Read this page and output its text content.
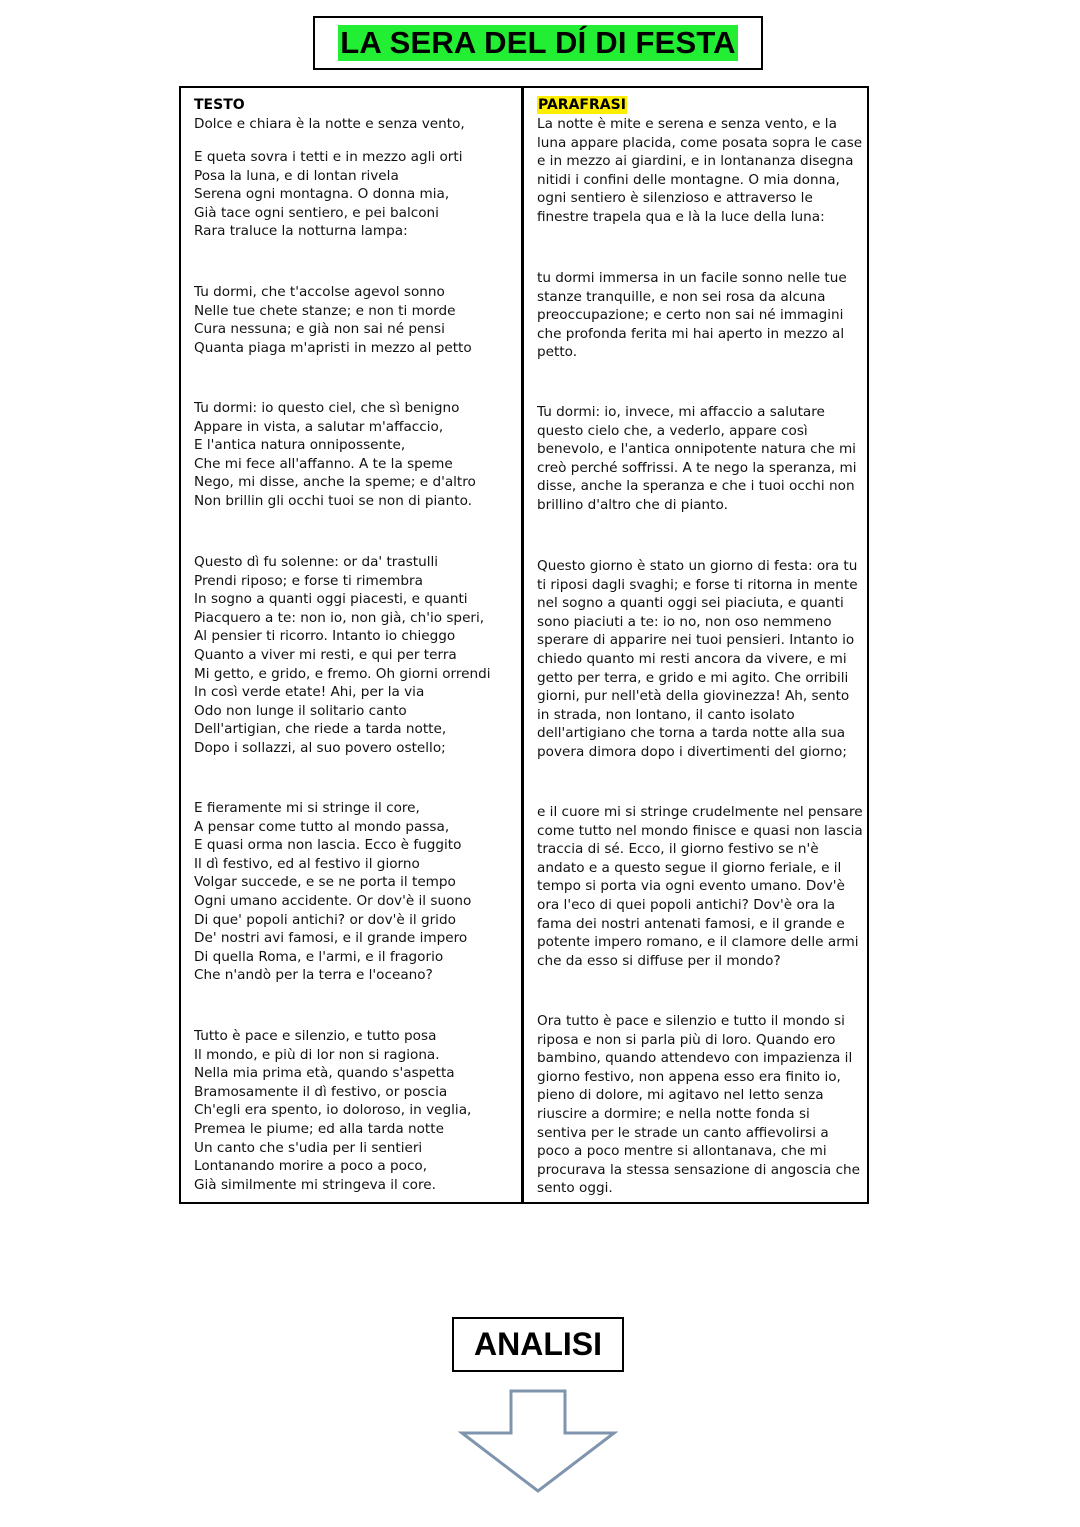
LA SERA DEL DÍ DI FESTA
TESTO
Dolce e chiara è la notte e senza vento,
E queta sovra i tetti e in mezzo agli orti
Posa la luna, e di lontan rivela
Serena ogni montagna. O donna mia,
Già tace ogni sentiero, e pei balconi
Rara traluce la notturna lampa:
Tu dormi, che t'accolse agevol sonno
Nelle tue chete stanze; e non ti morde
Cura nessuna; e già non sai né pensi
Quanta piaga m'apristi in mezzo al petto
Tu dormi: io questo ciel, che sì benigno
Appare in vista, a salutar m'affaccio,
E l'antica natura onnipossente,
Che mi fece all'affanno. A te la speme
Nego, mi disse, anche la speme; e d'altro
Non brillin gli occhi tuoi se non di pianto.
Questo dì fu solenne: or da' trastulli
Prendi riposo; e forse ti rimembra
In sogno a quanti oggi piacesti, e quanti
Piacquero a te: non io, non già, ch'io speri,
Al pensier ti ricorro. Intanto io chieggo
Quanto a viver mi resti, e qui per terra
Mi getto, e grido, e fremo. Oh giorni orrendi
In così verde etate! Ahi, per la via
Odo non lunge il solitario canto
Dell'artigian, che riede a tarda notte,
Dopo i sollazzi, al suo povero ostello;
E fieramente mi si stringe il core,
A pensar come tutto al mondo passa,
E quasi orma non lascia. Ecco è fuggito
Il dì festivo, ed al festivo il giorno
Volgar succede, e se ne porta il tempo
Ogni umano accidente. Or dov'è il suono
Di que' popoli antichi? or dov'è il grido
De' nostri avi famosi, e il grande impero
Di quella Roma, e l'armi, e il fragorio
Che n'andò per la terra e l'oceano?
Tutto è pace e silenzio, e tutto posa
Il mondo, e più di lor non si ragiona.
Nella mia prima età, quando s'aspetta
Bramosamente il dì festivo, or poscia
Ch'egli era spento, io doloroso, in veglia,
Premea le piume; ed alla tarda notte
Un canto che s'udia per li sentieri
Lontanando morire a poco a poco,
Già similmente mi stringeva il core.
PARAFRASI
La notte è mite e serena e senza vento, e la luna appare placida, come posata sopra le case e in mezzo ai giardini, e in lontananza disegna nitidi i confini delle montagne. O mia donna, ogni sentiero è silenzioso e attraverso le finestre trapela qua e là la luce della luna:
tu dormi immersa in un facile sonno nelle tue stanze tranquille, e non sei rosa da alcuna preoccupazione; e certo non sai né immagini che profonda ferita mi hai aperto in mezzo al petto.
Tu dormi: io, invece, mi affaccio a salutare questo cielo che, a vederlo, appare così benevolo, e l'antica onnipotente natura che mi creò perché soffrissi. A te nego la speranza, mi disse, anche la speranza e che i tuoi occhi non brillino d'altro che di pianto.
Questo giorno è stato un giorno di festa: ora tu ti riposi dagli svaghi; e forse ti ritorna in mente nel sogno a quanti oggi sei piaciuta, e quanti sono piaciuti a te: io no, non oso nemmeno sperare di apparire nei tuoi pensieri. Intanto io chiedo quanto mi resti ancora da vivere, e mi getto per terra, e grido e mi agito. Che orribili giorni, pur nell'età della giovinezza! Ah, sento in strada, non lontano, il canto isolato dell'artigiano che torna a tarda notte alla sua povera dimora dopo i divertimenti del giorno;
e il cuore mi si stringe crudelmente nel pensare come tutto nel mondo finisce e quasi non lascia traccia di sé. Ecco, il giorno festivo se n'è andato e a questo segue il giorno feriale, e il tempo si porta via ogni evento umano. Dov'è ora l'eco di quei popoli antichi? Dov'è ora la fama dei nostri antenati famosi, e il grande e potente impero romano, e il clamore delle armi che da esso si diffuse per il mondo?
Ora tutto è pace e silenzio e tutto il mondo si riposa e non si parla più di loro. Quando ero bambino, quando attendevo con impazienza il giorno festivo, non appena esso era finito io, pieno di dolore, mi agitavo nel letto senza riuscire a dormire; e nella notte fonda si sentiva per le strade un canto affievolirsi a poco a poco mentre si allontanava, che mi procurava la stessa sensazione di angoscia che sento oggi.
ANALISI
